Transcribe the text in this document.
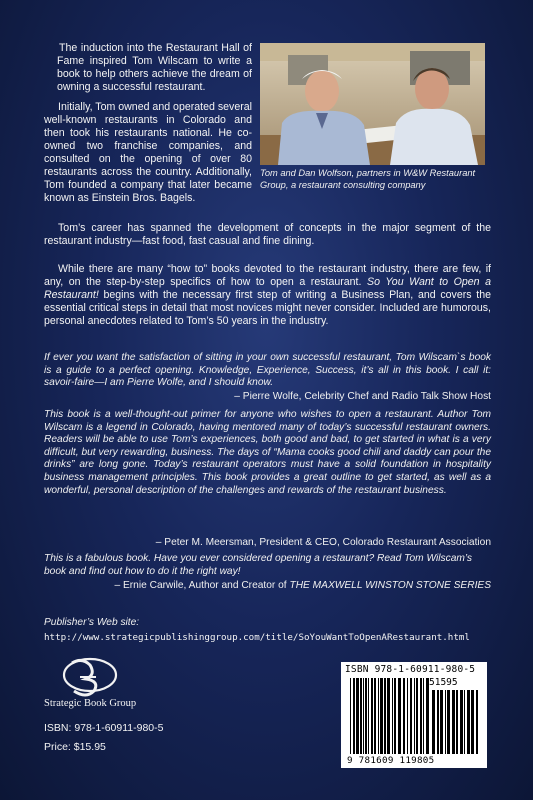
The induction into the Restaurant Hall of Fame inspired Tom Wilscam to write a book to help others achieve the dream of owning a successful restaurant.

Initially, Tom owned and operated several well-known restaurants in Colorado and then took his restaurants national. He co-owned two franchise companies, and consulted on the opening of over 80 restaurants across the country. Additionally, Tom founded a company that later became known as Einstein Bros. Bagels.

Tom and Dan Wolfson, partners in W&W Restaurant Group, a restaurant consulting company

Tom’s career has spanned the development of concepts in the major segment of the restaurant industry—fast food, fast casual and fine dining.

While there are many “how to” books devoted to the restaurant industry, there are few, if any, on the step-by-step specifics of how to open a restaurant. So You Want to Open a Restaurant! begins with the necessary first step of writing a Business Plan, and covers the essential critical steps in detail that most novices might never consider. Included are humorous, personal anecdotes related to Tom’s 50 years in the industry.

If ever you want the satisfaction of sitting in your own successful restaurant, Tom Wilscam`s book is a guide to a perfect opening. Knowledge, Experience, Success, it’s all in this book. I call it: savoir-faire—I am Pierre Wolfe, and I should know.

– Pierre Wolfe, Celebrity Chef and Radio Talk Show Host

This book is a well-thought-out primer for anyone who wishes to open a restaurant. Author Tom Wilscam is a legend in Colorado, having mentored many of today’s successful restaurant owners. Readers will be able to use Tom’s experiences, both good and bad, to get started in what is a very difficult, but very rewarding, business. The days of “Mama cooks good chili and daddy can pour the drinks” are long gone. Today’s restaurant operators must have a solid foundation in hospitality business management principles. This book provides a great outline to get started, as well as a wonderful, personal description of the challenges and rewards of the restaurant business.

– Peter M. Meersman, President & CEO, Colorado Restaurant Association

This is a fabulous book. Have you ever considered opening a restaurant? Read Tom Wilscam’s book and find out how to do it the right way!

– Ernie Carwile, Author and Creator of THE MAXWELL WINSTON STONE SERIES

Publisher’s Web site:

http://www.strategicpublishinggroup.com/title/SoYouWantToOpenARestaurant.html

Strategic Book Group

ISBN: 978-1-60911-980-5

Price: $15.95

ISBN 978-1-60911-980-5
51595
9 781609 119805
